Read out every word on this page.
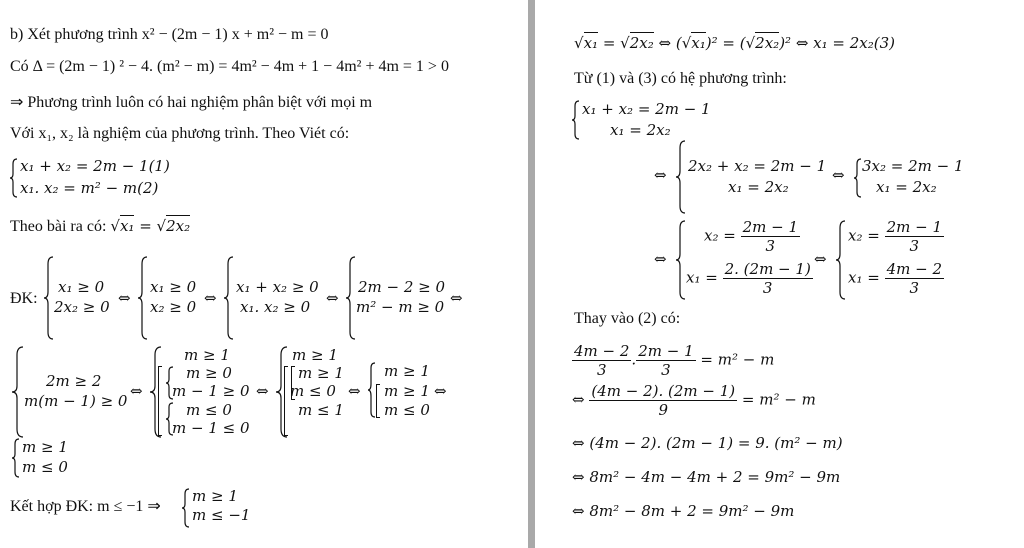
b) Xét phương trình x² − (2m − 1) x + m² − m = 0
Có Δ = (2m − 1) ² − 4. (m² − m) = 4m² − 4m + 1 − 4m² + 4m = 1 > 0
⇒ Phương trình luôn có hai nghiệm phân biệt với mọi m
Với x₁, x₂ là nghiệm của phương trình. Theo Viét có:
x₁ + x₂ = 2m − 1(1)
x₁. x₂ = m² − m(2)
Theo bài ra có: √x₁ = √2x₂
ĐK:
x₁ ≥ 0
2x₂ ≥ 0 ⇔
x₁ ≥ 0
x₂ ≥ 0 ⇔
x₁ + x₂ ≥ 0
x₁. x₂ ≥ 0 ⇔
2m − 2 ≥ 0
m² − m ≥ 0 ⇔
2m ≥ 2
m(m − 1) ≥ 0
⇔
m ≥ 1
m ≥ 0
m − 1 ≥ 0
m ≤ 0
m − 1 ≤ 0
⇔
m ≥ 1
m ≥ 1
m ≤ 0
m ≤ 1
⇔
m ≥ 1
m ≥ 1
m ≤ 0
⇔
m ≥ 1
m ≤ 0
Kết hợp ĐK: m ≤ −1 ⇒
m ≥ 1
m ≤ −1
√x₁ = √2x₂ ⇔ (√x₁)² = (√2x₂)² ⇔ x₁ = 2x₂(3)
Từ (1) và (3) có hệ phương trình:
x₁ + x₂ = 2m − 1
x₁ = 2x₂
⇔ 2x₂ + x₂ = 2m − 1
x₁ = 2x₂
⇔ 3x₂ = 2m − 1
x₁ = 2x₂
⇔
$x_2 = \frac{2m - 1}{3}$
$x_1 = \frac{2. (2m - 1)}{3}$
⇔
$x_2 = \frac{2m - 1}{3}$
$x_1 = \frac{4m - 2}{3}$
Thay vào (2) có:
$\frac{4m - 2}{3}$ . $\frac{2m - 1}{3} = m^2 - m$
⇔ $\frac{(4m - 2). (2m - 1)}{9} = m^2 - m$
⇔ (4m − 2). (2m − 1) = 9. (m² − m)
⇔ 8m² − 4m − 4m + 2 = 9m² − 9m
⇔ 8m² − 8m + 2 = 9m² − 9m
